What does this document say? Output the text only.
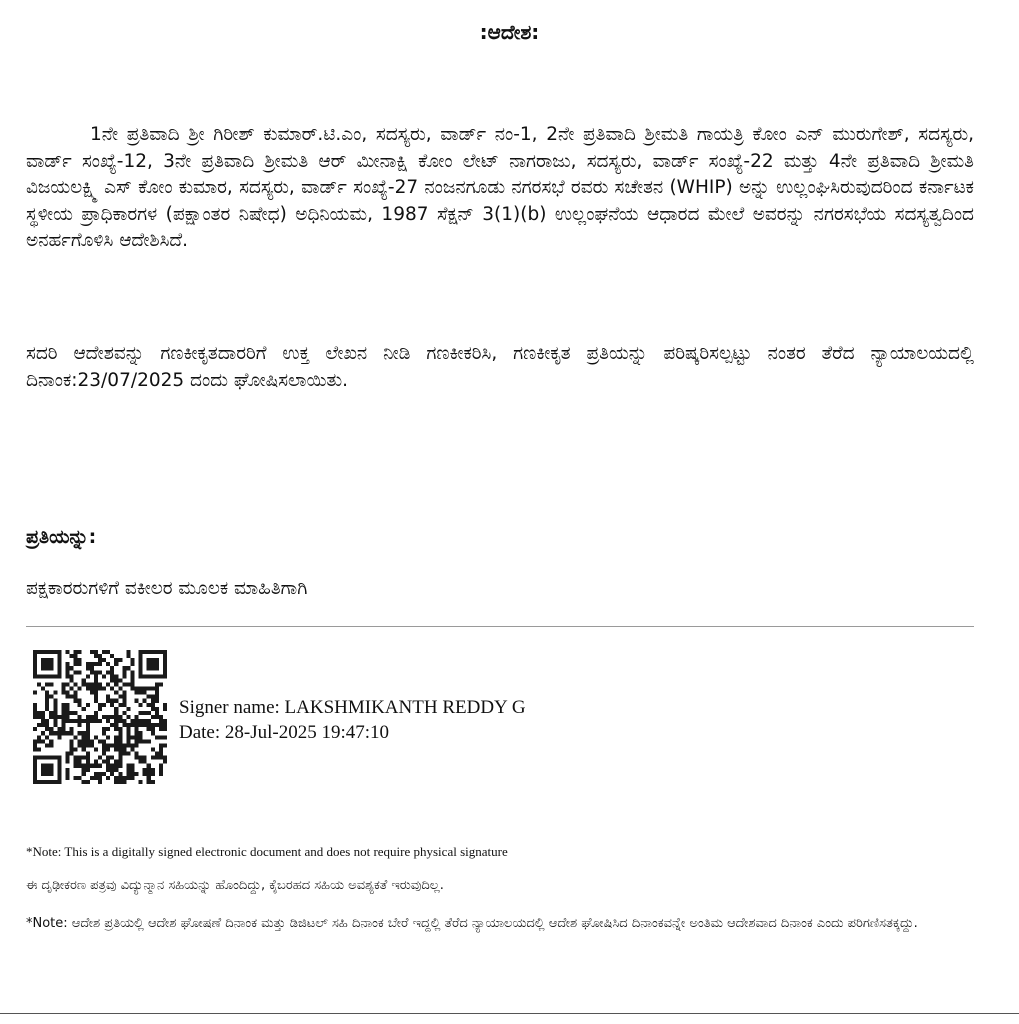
:ಆದೇಶ:

1ನೇ ಪ್ರತಿವಾದಿ ಶ್ರೀ ಗಿರೀಶ್ ಕುಮಾರ್.ಟಿ.ಎಂ, ಸದಸ್ಯರು, ವಾರ್ಡ್ ನಂ-1, 2ನೇ ಪ್ರತಿವಾದಿ ಶ್ರೀಮತಿ ಗಾಯತ್ರಿ ಕೋಂ ಎನ್ ಮುರುಗೇಶ್, ಸದಸ್ಯರು, ವಾರ್ಡ್ ಸಂಖ್ಯೆ-12, 3ನೇ ಪ್ರತಿವಾದಿ ಶ್ರೀಮತಿ ಆರ್ ಮೀನಾಕ್ಷಿ ಕೋಂ ಲೇಟ್ ನಾಗರಾಜು, ಸದಸ್ಯರು, ವಾರ್ಡ್ ಸಂಖ್ಯೆ-22 ಮತ್ತು 4ನೇ ಪ್ರತಿವಾದಿ ಶ್ರೀಮತಿ ವಿಜಯಲಕ್ಷ್ಮಿ ಎಸ್ ಕೋಂ ಕುಮಾರ, ಸದಸ್ಯರು, ವಾರ್ಡ್ ಸಂಖ್ಯೆ-27 ನಂಜನಗೂಡು ನಗರಸಭೆ ರವರು ಸಚೇತನ (WHIP) ಅನ್ನು ಉಲ್ಲಂಘಿಸಿರುವುದರಿಂದ ಕರ್ನಾಟಕ ಸ್ಥಳೀಯ ಪ್ರಾಧಿಕಾರಗಳ (ಪಕ್ಷಾಂತರ ನಿಷೇಧ) ಅಧಿನಿಯಮ, 1987 ಸೆಕ್ಷನ್ 3(1)(b) ಉಲ್ಲಂಘನೆಯ ಆಧಾರದ ಮೇಲೆ ಅವರನ್ನು ನಗರಸಭೆಯ ಸದಸ್ಯತ್ವದಿಂದ ಅನರ್ಹಗೊಳಿಸಿ ಆದೇಶಿಸಿದೆ.

ಸದರಿ ಆದೇಶವನ್ನು ಗಣಕೀಕೃತದಾರರಿಗೆ ಉಕ್ತ ಲೇಖನ ನೀಡಿ ಗಣಕೀಕರಿಸಿ, ಗಣಕೀಕೃತ ಪ್ರತಿಯನ್ನು ಪರಿಷ್ಕರಿಸಲ್ಪಟ್ಟು ನಂತರ ತೆರೆದ ನ್ಯಾಯಾಲಯದಲ್ಲಿ ದಿನಾಂಕ:23/07/2025 ದಂದು ಘೋಷಿಸಲಾಯಿತು.

ಪ್ರತಿಯನ್ನು:

ಪಕ್ಷಕಾರರುಗಳಿಗೆ ವಕೀಲರ ಮೂಲಕ ಮಾಹಿತಿಗಾಗಿ

Signer name: LAKSHMIKANTH REDDY G
Date: 28-Jul-2025 19:47:10

*Note: This is a digitally signed electronic document and does not require physical signature

ಈ ದೃಢೀಕರಣ ಪತ್ರವು ವಿದ್ಯುನ್ಮಾನ ಸಹಿಯನ್ನು ಹೊಂದಿದ್ದು, ಕೈಬರಹದ ಸಹಿಯ ಅವಶ್ಯಕತೆ ಇರುವುದಿಲ್ಲ.

*Note: ಆದೇಶ ಪ್ರತಿಯಲ್ಲಿ ಆದೇಶ ಘೋಷಣೆ ದಿನಾಂಕ ಮತ್ತು ಡಿಜಿಟಲ್ ಸಹಿ ದಿನಾಂಕ ಬೇರೆ ಇದ್ದಲ್ಲಿ ತೆರೆದ ನ್ಯಾಯಾಲಯದಲ್ಲಿ ಆದೇಶ ಘೋಷಿಸಿದ ದಿನಾಂಕವನ್ನೇ ಅಂತಿಮ ಆದೇಶವಾದ ದಿನಾಂಕ ಎಂದು ಪರಿಗಣಿಸತಕ್ಕದ್ದು.
